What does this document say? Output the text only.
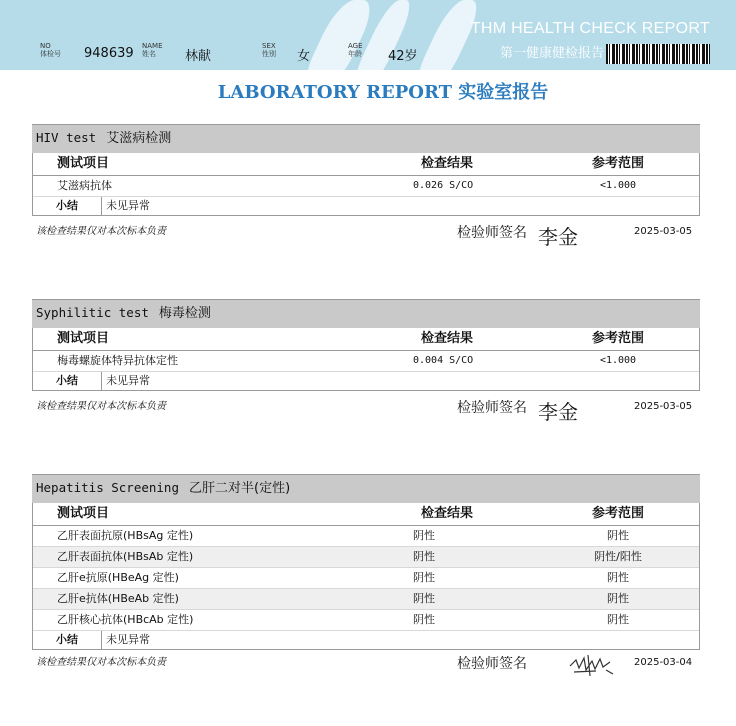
NO
体检号 948639 NAME
姓名	林献
SEX
性别 女
AGE
年龄 42岁
THM HEALTH CHECK REPORT
第一健康健检报告
LABORATORY REPORT 实验室报告
HIV test 艾滋病检测
测试项目	检查结果	参考范围
艾滋病抗体	0.026 S/CO	<1.000
小结	未见异常
该检查结果仅对本次标本负责	检验师签名 李金	2025-03-05
Syphilitic test 梅毒检测
测试项目	检查结果	参考范围
梅毒螺旋体特异抗体定性	0.004 S/CO	<1.000
小结	未见异常
该检查结果仅对本次标本负责	检验师签名 李金	2025-03-05
Hepatitis Screening 乙肝二对半(定性)
测试项目	检查结果	参考范围
乙肝表面抗原(HBsAg 定性)	阴性	阴性
乙肝表面抗体(HBsAb 定性)	阴性	阴性/阳性
乙肝e抗原(HBeAg 定性)	阴性	阴性
乙肝e抗体(HBeAb 定性)	阴性	阴性
乙肝核心抗体(HBcAb 定性)	阴性	阴性
小结	未见异常
该检查结果仅对本次标本负责	检验师签名	2025-03-04
